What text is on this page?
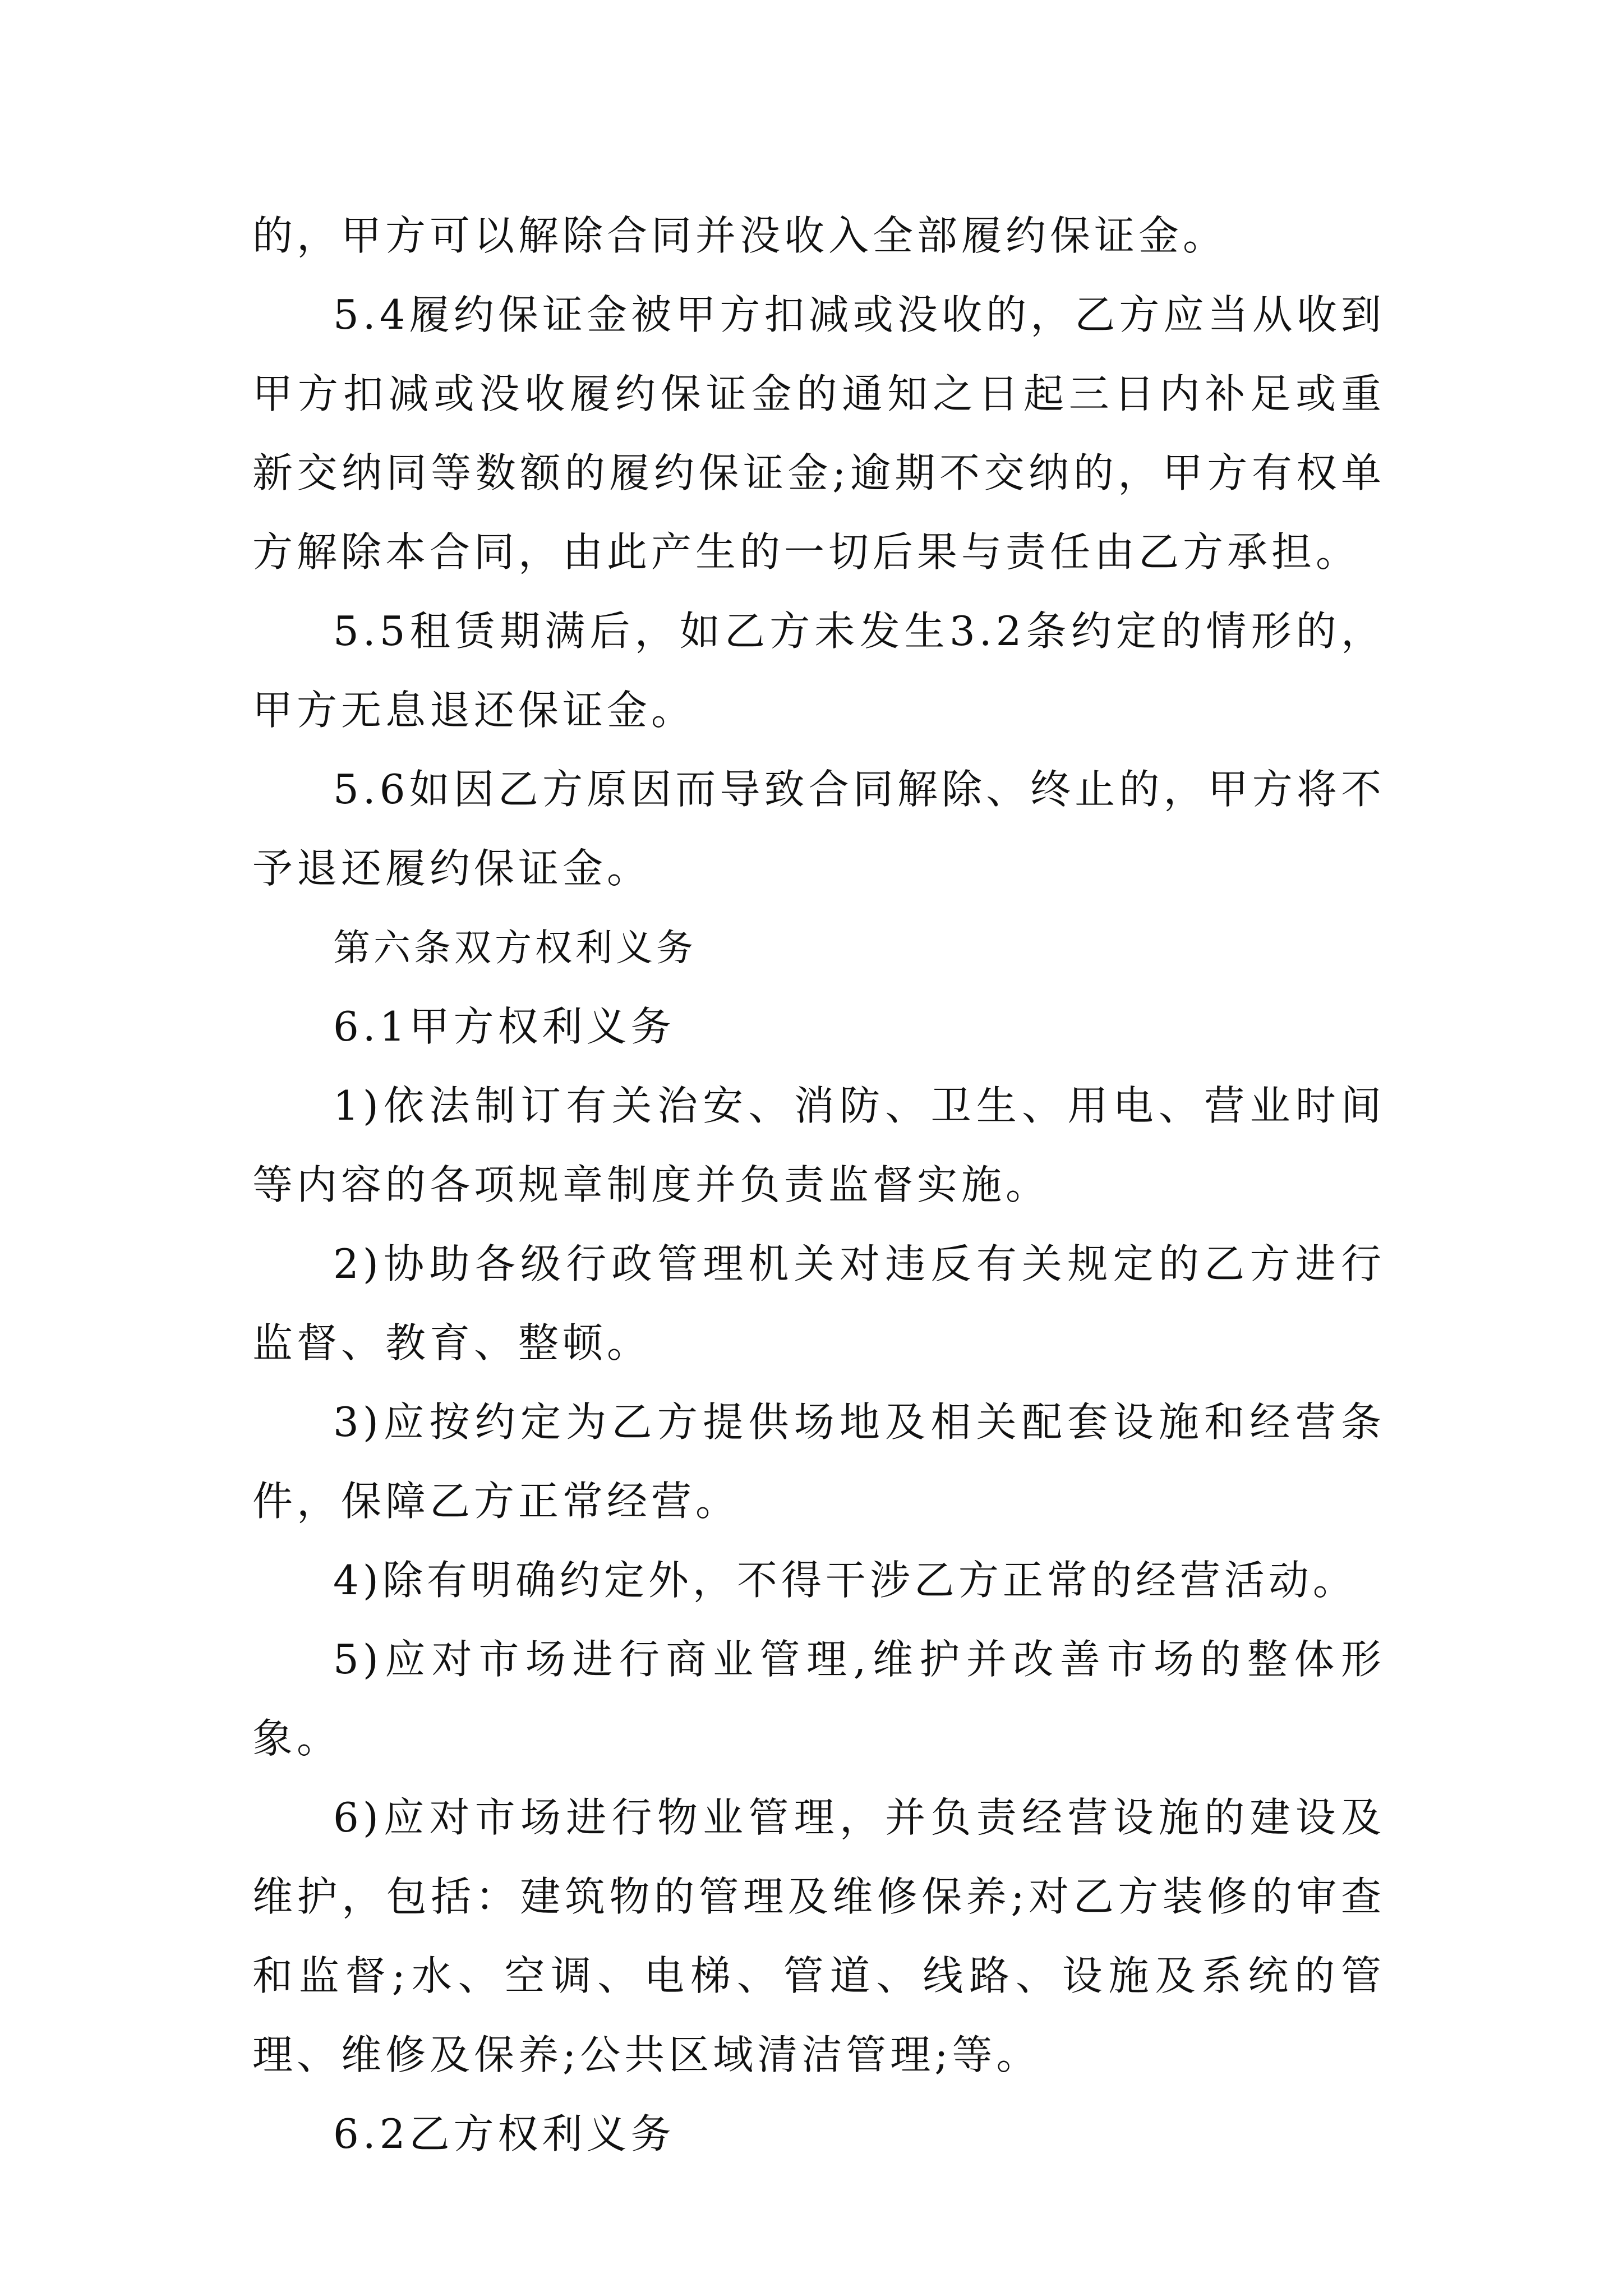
的，甲方可以解除合同并没收入全部履约保证金。

5.4履约保证金被甲方扣减或没收的，乙方应当从收到甲方扣减或没收履约保证金的通知之日起三日内补足或重新交纳同等数额的履约保证金;逾期不交纳的，甲方有权单方解除本合同，由此产生的一切后果与责任由乙方承担。

5.5租赁期满后，如乙方未发生3.2条约定的情形的，甲方无息退还保证金。

5.6如因乙方原因而导致合同解除、终止的，甲方将不予退还履约保证金。

第六条双方权利义务

6.1甲方权利义务

1)依法制订有关治安、消防、卫生、用电、营业时间等内容的各项规章制度并负责监督实施。

2)协助各级行政管理机关对违反有关规定的乙方进行监督、教育、整顿。

3)应按约定为乙方提供场地及相关配套设施和经营条件，保障乙方正常经营。

4)除有明确约定外，不得干涉乙方正常的经营活动。

5)应对市场进行商业管理,维护并改善市场的整体形象。

6)应对市场进行物业管理，并负责经营设施的建设及维护，包括：建筑物的管理及维修保养;对乙方装修的审查和监督;水、空调、电梯、管道、线路、设施及系统的管理、维修及保养;公共区域清洁管理;等。

6.2乙方权利义务
